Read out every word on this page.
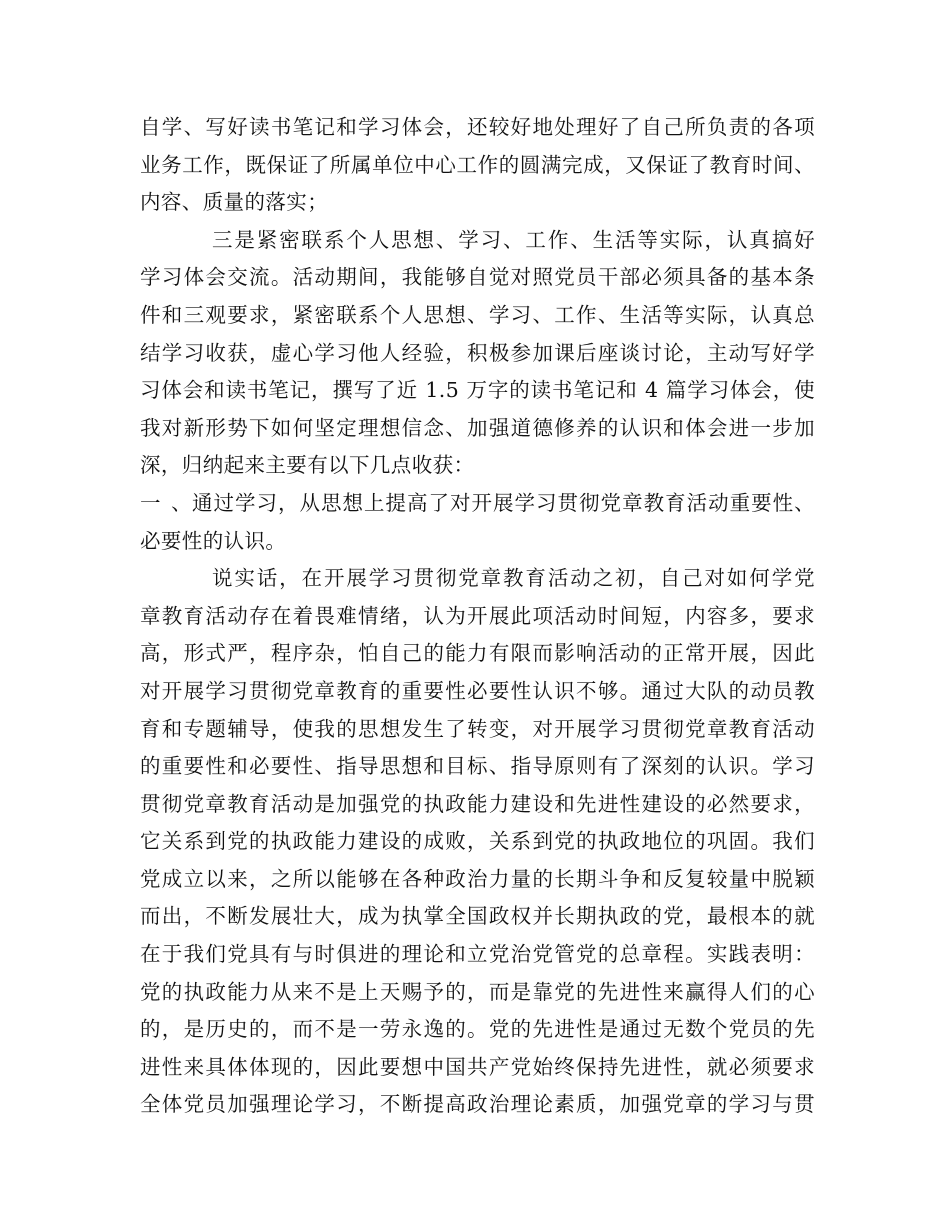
自学、写好读书笔记和学习体会，还较好地处理好了自己所负责的各项
业务工作，既保证了所属单位中心工作的圆满完成，又保证了教育时间、
内容、质量的落实；
三是紧密联系个人思想、学习、工作、生活等实际，认真搞好
学习体会交流。活动期间，我能够自觉对照党员干部必须具备的基本条
件和三观要求，紧密联系个人思想、学习、工作、生活等实际，认真总
结学习收获，虚心学习他人经验，积极参加课后座谈讨论，主动写好学
习体会和读书笔记，撰写了近 1.5 万字的读书笔记和 4 篇学习体会，使
我对新形势下如何坚定理想信念、加强道德修养的认识和体会进一步加
深，归纳起来主要有以下几点收获：
一、 通过学习，从思想上提高了对开展学习贯彻党章教育活动重要性、
必要性的认识。
说实话，在开展学习贯彻党章教育活动之初，自己对如何学党
章教育活动存在着畏难情绪，认为开展此项活动时间短，内容多，要求
高，形式严，程序杂，怕自己的能力有限而影响活动的正常开展，因此
对开展学习贯彻党章教育的重要性必要性认识不够。通过大队的动员教
育和专题辅导，使我的思想发生了转变，对开展学习贯彻党章教育活动
的重要性和必要性、指导思想和目标、指导原则有了深刻的认识。学习
贯彻党章教育活动是加强党的执政能力建设和先进性建设的必然要求，
它关系到党的执政能力建设的成败，关系到党的执政地位的巩固。我们
党成立以来，之所以能够在各种政治力量的长期斗争和反复较量中脱颖
而出，不断发展壮大，成为执掌全国政权并长期执政的党，最根本的就
在于我们党具有与时俱进的理论和立党治党管党的总章程。实践表明：
党的执政能力从来不是上天赐予的，而是靠党的先进性来赢得人们的心
的，是历史的，而不是一劳永逸的。党的先进性是通过无数个党员的先
进性来具体体现的，因此要想中国共产党始终保持先进性，就必须要求
全体党员加强理论学习，不断提高政治理论素质，加强党章的学习与贯
